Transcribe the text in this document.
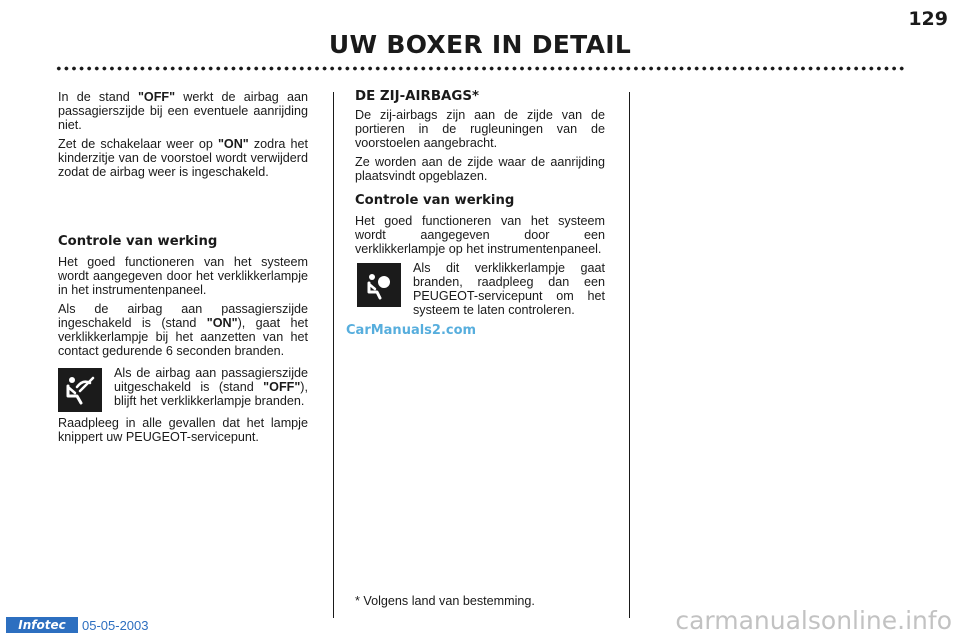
129
UW BOXER IN DETAIL

In de stand "OFF" werkt de airbag aan passagierszijde bij een eventuele aanrijding niet.

Zet de schakelaar weer op "ON" zodra het kinderzitje van de voorstoel wordt verwijderd zodat de airbag weer is ingeschakeld.

Controle van werking

Het goed functioneren van het systeem wordt aangegeven door het verklikkerlampje in het instrumentenpaneel.

Als de airbag aan passagierszijde ingeschakeld is (stand "ON"), gaat het verklikkerlampje bij het aanzetten van het contact gedurende 6 seconden branden.

Als de airbag aan passagierszijde uitgeschakeld is (stand "OFF"), blijft het verklikkerlampje branden.

Raadpleeg in alle gevallen dat het lampje knippert uw PEUGEOT-servicepunt.

DE ZIJ-AIRBAGS*

De zij-airbags zijn aan de zijde van de portieren in de rugleuningen van de voorstoelen aangebracht.

Ze worden aan de zijde waar de aanrijding plaatsvindt opgeblazen.

Controle van werking

Het goed functioneren van het systeem wordt aangegeven door een verklikkerlampje op het instrumentenpaneel.

Als dit verklikkerlampje gaat branden, raadpleeg dan een PEUGEOT-servicepunt om het systeem te laten controleren.

* Volgens land van bestemming.
CarManuals2.com
Infotec	05-05-2003	carmanualsonline.info
